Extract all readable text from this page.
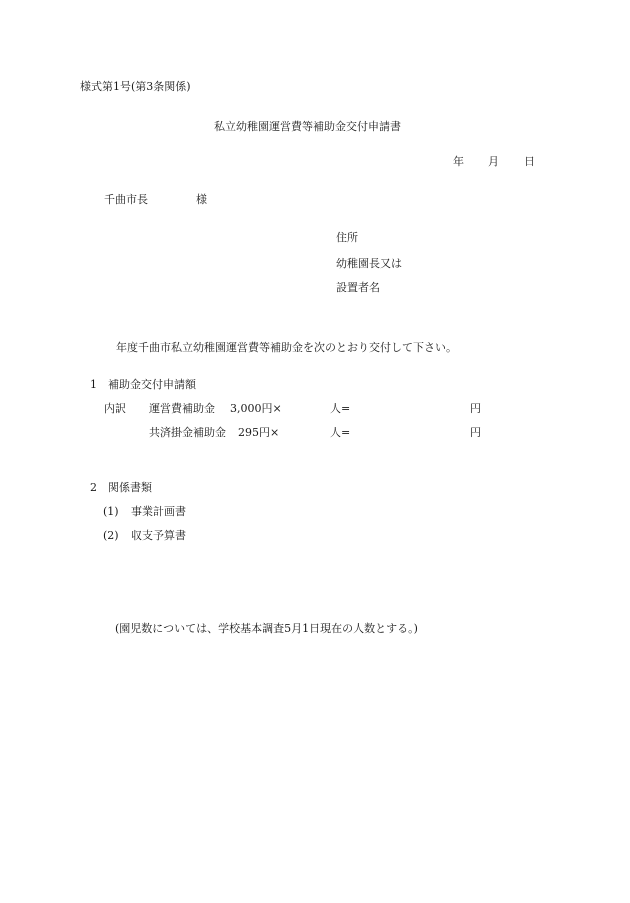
様式第1号(第3条関係)
私立幼稚園運営費等補助金交付申請書
年 月 日
千曲市長	様
住所
幼稚園長又は
設置者名
年度千曲市私立幼稚園運営費等補助金を次のとおり交付して下さい。
1 補助金交付申請額
内訳 運営費補助金 3,000円×	人=	円
共済掛金補助金 295円×	人=	円
2 関係書類
(1) 事業計画書
(2) 収支予算書
(園児数については、学校基本調査5月1日現在の人数とする。)
